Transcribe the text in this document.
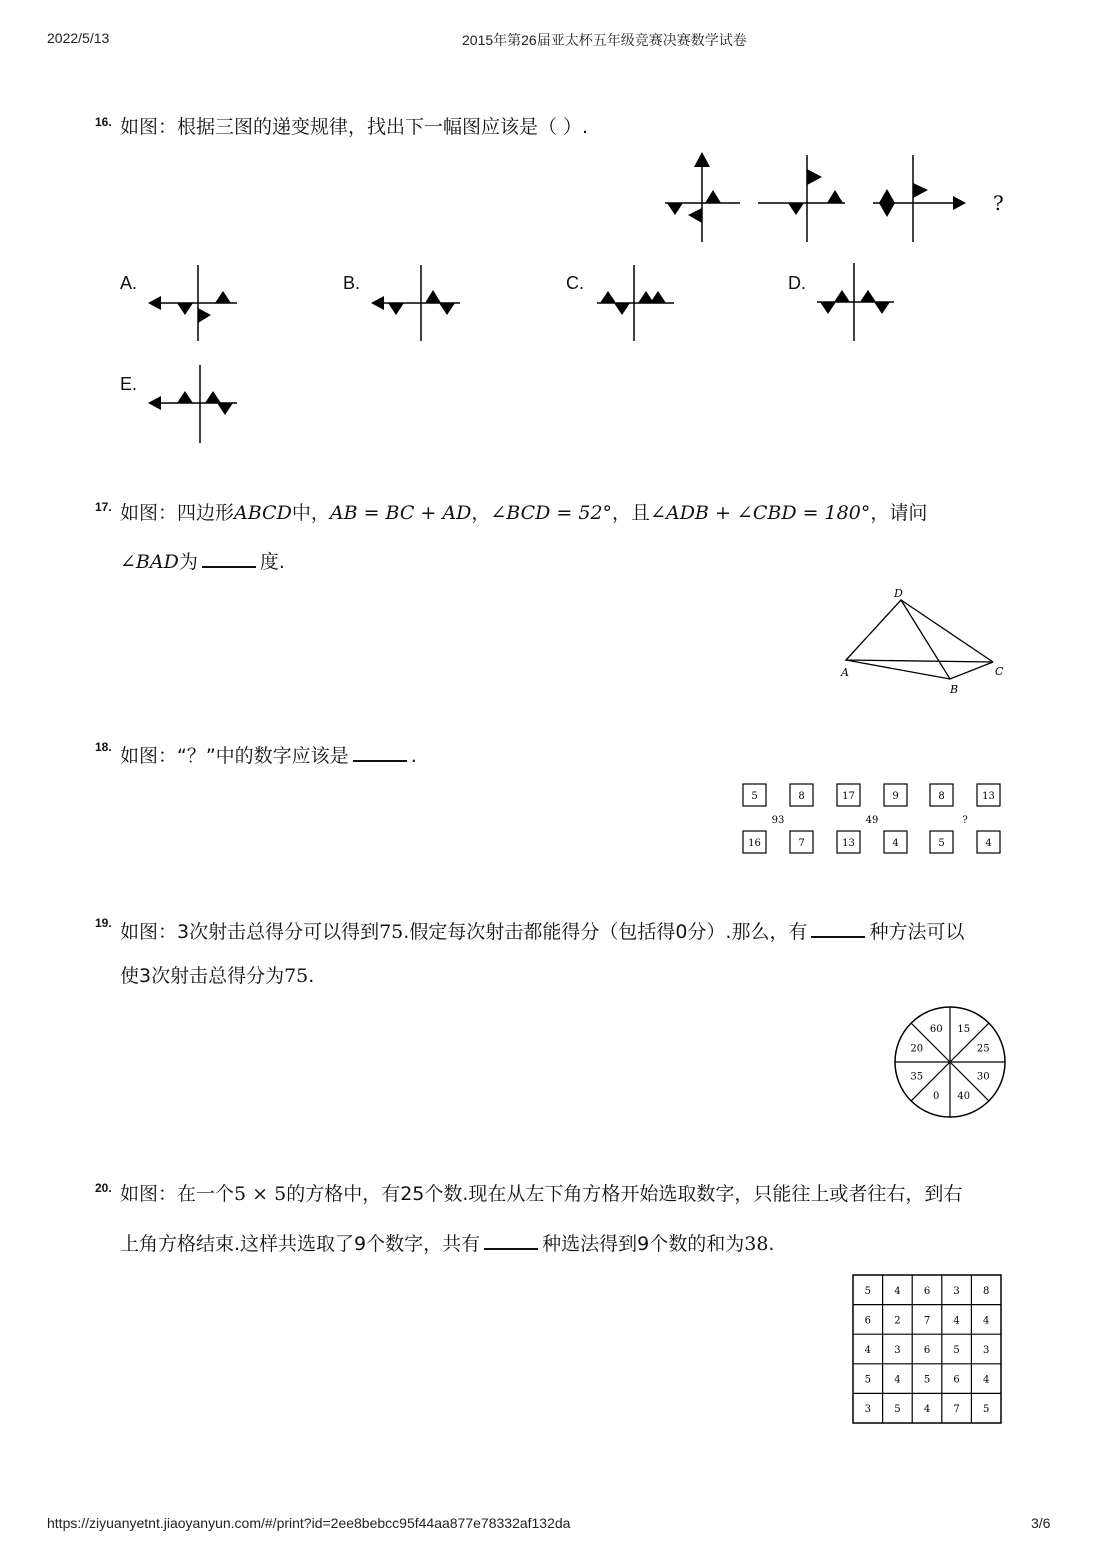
2022/5/13	2015年第26届亚太杯五年级竞赛决赛数学试卷
16. 如图：根据三图的递变规律，找出下一幅图应该是（ ）.
?
A.	B.	C.	D.
E.
17. 如图：四边形ABCD中，AB = BC + AD，∠BCD = 52°，且∠ADB + ∠CBD = 180°，请问
∠BAD为	度.
D
A
B
C
18. 如图：“？”中的数字应该是	.
5	8
16	7
93
17	9
13	4
49
8	13
5	4
?
19. 如图：3次射击总得分可以得到75.假定每次射击都能得分（包括得0分）.那么，有	种方法可以
使3次射击总得分为75.
15
25
30
40
0
35
20
60
20. 如图：在一个5 × 5的方格中，有25个数.现在从左下角方格开始选取数字，只能往上或者往右，到右
上角方格结束.这样共选取了9个数字，共有	种选法得到9个数的和为38.
5 4 6 3 8
6 2 7 4 4
4 3 6 5 3
5 4 5 6 4
3 5 4 7 5
https://ziyuanyetnt.jiaoyanyun.com/#/print?id=2ee8bebcc95f44aa877e78332af132da	3/6
